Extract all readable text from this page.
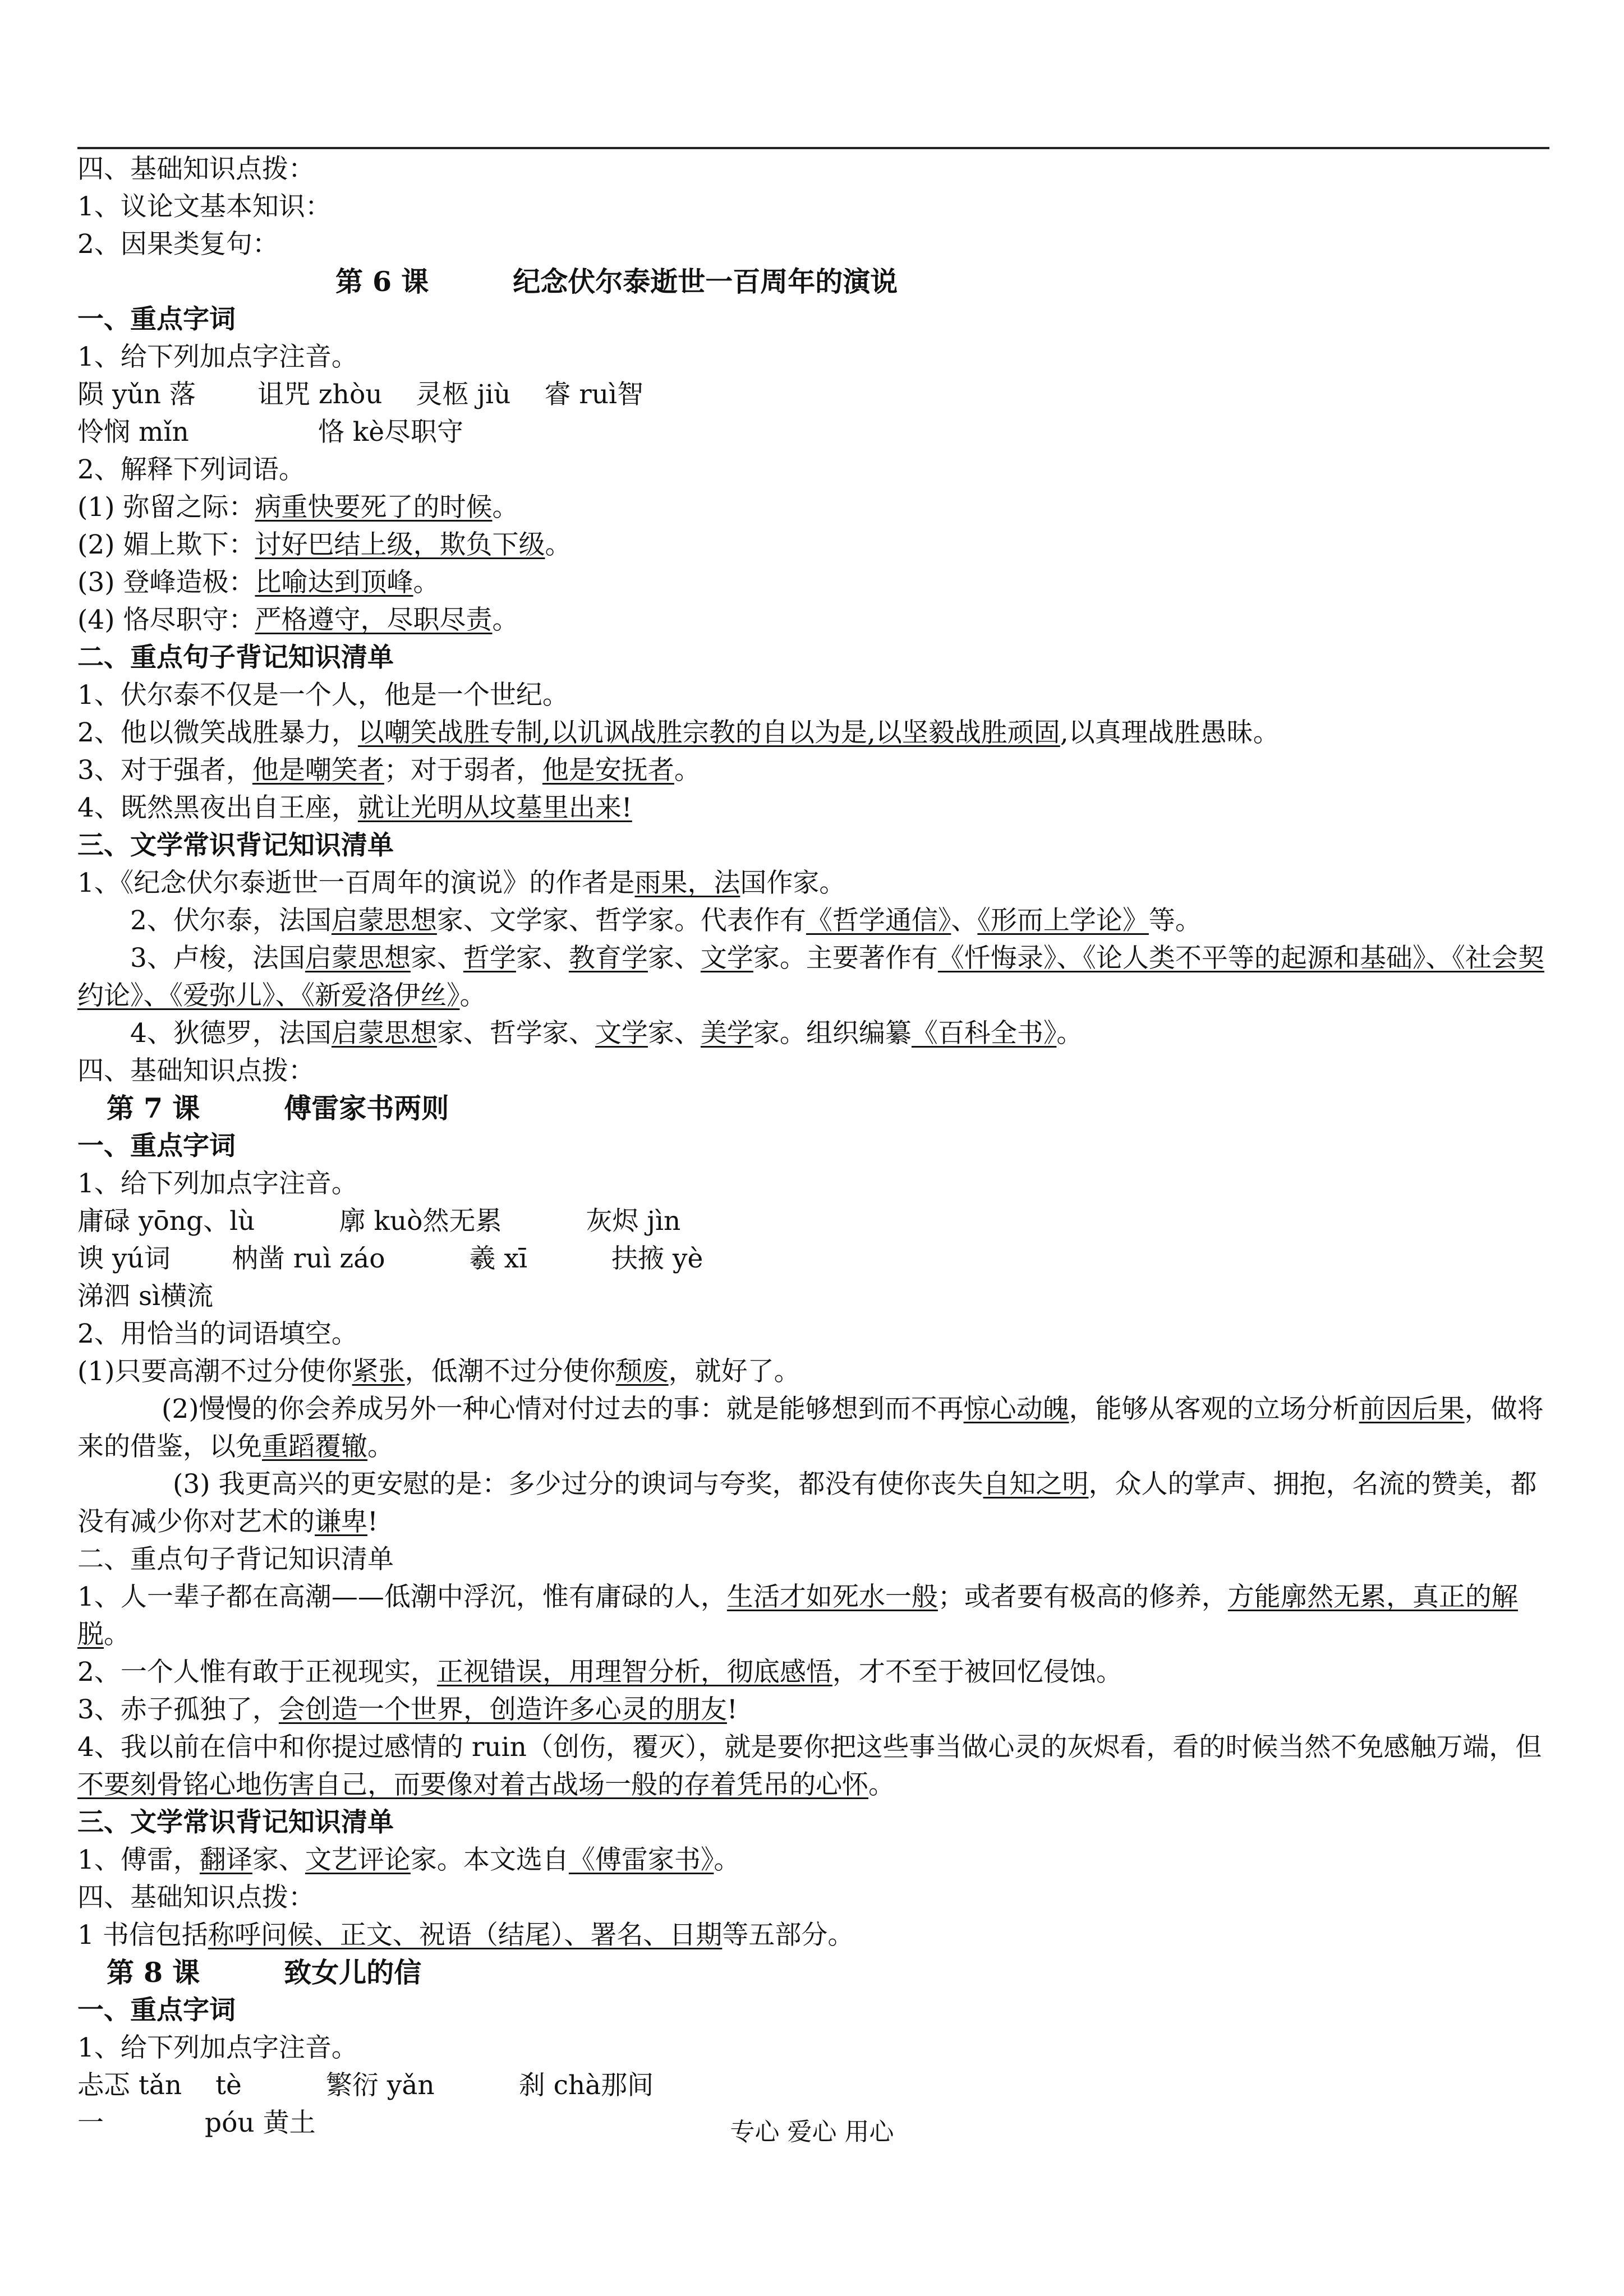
四、基础知识点拨：
1、议论文基本知识：
2、因果类复句：
第 6 课	纪念伏尔泰逝世一百周年的演说
一、重点字词
1、给下列加点字注音。
陨 yǔn 落 诅咒 zhòu 灵柩 jiù 睿 ruì智
怜悯 mǐn	恪 kè尽职守
2、解释下列词语。
(1) 弥留之际：病重快要死了的时候。
(2) 媚上欺下：讨好巴结上级，欺负下级。
(3) 登峰造极：比喻达到顶峰。
(4) 恪尽职守：严格遵守，尽职尽责。
二、重点句子背记知识清单
1、伏尔泰不仅是一个人，他是一个世纪。
2、他以微笑战胜暴力，以嘲笑战胜专制,以讥讽战胜宗教的自以为是,以坚毅战胜顽固,以真理战胜愚昧。
3、对于强者，他是嘲笑者；对于弱者，他是安抚者。
4、既然黑夜出自王座，就让光明从坟墓里出来!
三、文学常识背记知识清单
1、《纪念伏尔泰逝世一百周年的演说》的作者是雨果，法国作家。
2、伏尔泰，法国启蒙思想家、文学家、哲学家。代表作有《哲学通信》、《形而上学论》等。
3、卢梭，法国启蒙思想家、哲学家、教育学家、文学家。主要著作有《忏悔录》、《论人类不平等的起源和基础》、《社会契约论》、《爱弥儿》、《新爱洛伊丝》。
4、狄德罗，法国启蒙思想家、哲学家、文学家、美学家。组织编纂《百科全书》。
四、基础知识点拨：
第 7 课	傅雷家书两则
一、重点字词
1、给下列加点字注音。
庸碌 yōng、lù	廓 kuò然无累	灰烬 jìn
谀 yú词 枘凿 ruì záo	羲 xī	扶掖 yè
涕泗 sì横流
2、用恰当的词语填空。
(1)只要高潮不过分使你紧张，低潮不过分使你颓废，就好了。
(2)慢慢的你会养成另外一种心情对付过去的事：就是能够想到而不再惊心动魄，能够从客观的立场分析前因后果，做将来的借鉴，以免重蹈覆辙。
(3) 我更高兴的更安慰的是：多少过分的谀词与夸奖，都没有使你丧失自知之明，众人的掌声、拥抱，名流的赞美，都没有减少你对艺术的谦卑!
二、重点句子背记知识清单
1、人一辈子都在高潮——低潮中浮沉，惟有庸碌的人，生活才如死水一般；或者要有极高的修养，方能廓然无累，真正的解脱。
2、一个人惟有敢于正视现实，正视错误，用理智分析，彻底感悟，才不至于被回忆侵蚀。
3、赤子孤独了，会创造一个世界，创造许多心灵的朋友!
4、我以前在信中和你提过感情的 ruin（创伤，覆灭），就是要你把这些事当做心灵的灰烬看，看的时候当然不免感触万端，但不要刻骨铭心地伤害自己，而要像对着古战场一般的存着凭吊的心怀。
三、文学常识背记知识清单
1、傅雷，翻译家、文艺评论家。本文选自《傅雷家书》。
四、基础知识点拨：
1 书信包括称呼问候、正文、祝语（结尾）、署名、日期等五部分。
第 8 课	致女儿的信
一、重点字词
1、给下列加点字注音。
忐忑 tǎn tè	繁衍 yǎn	刹 chà那间
一	póu 黄土	专心 爱心 用心
